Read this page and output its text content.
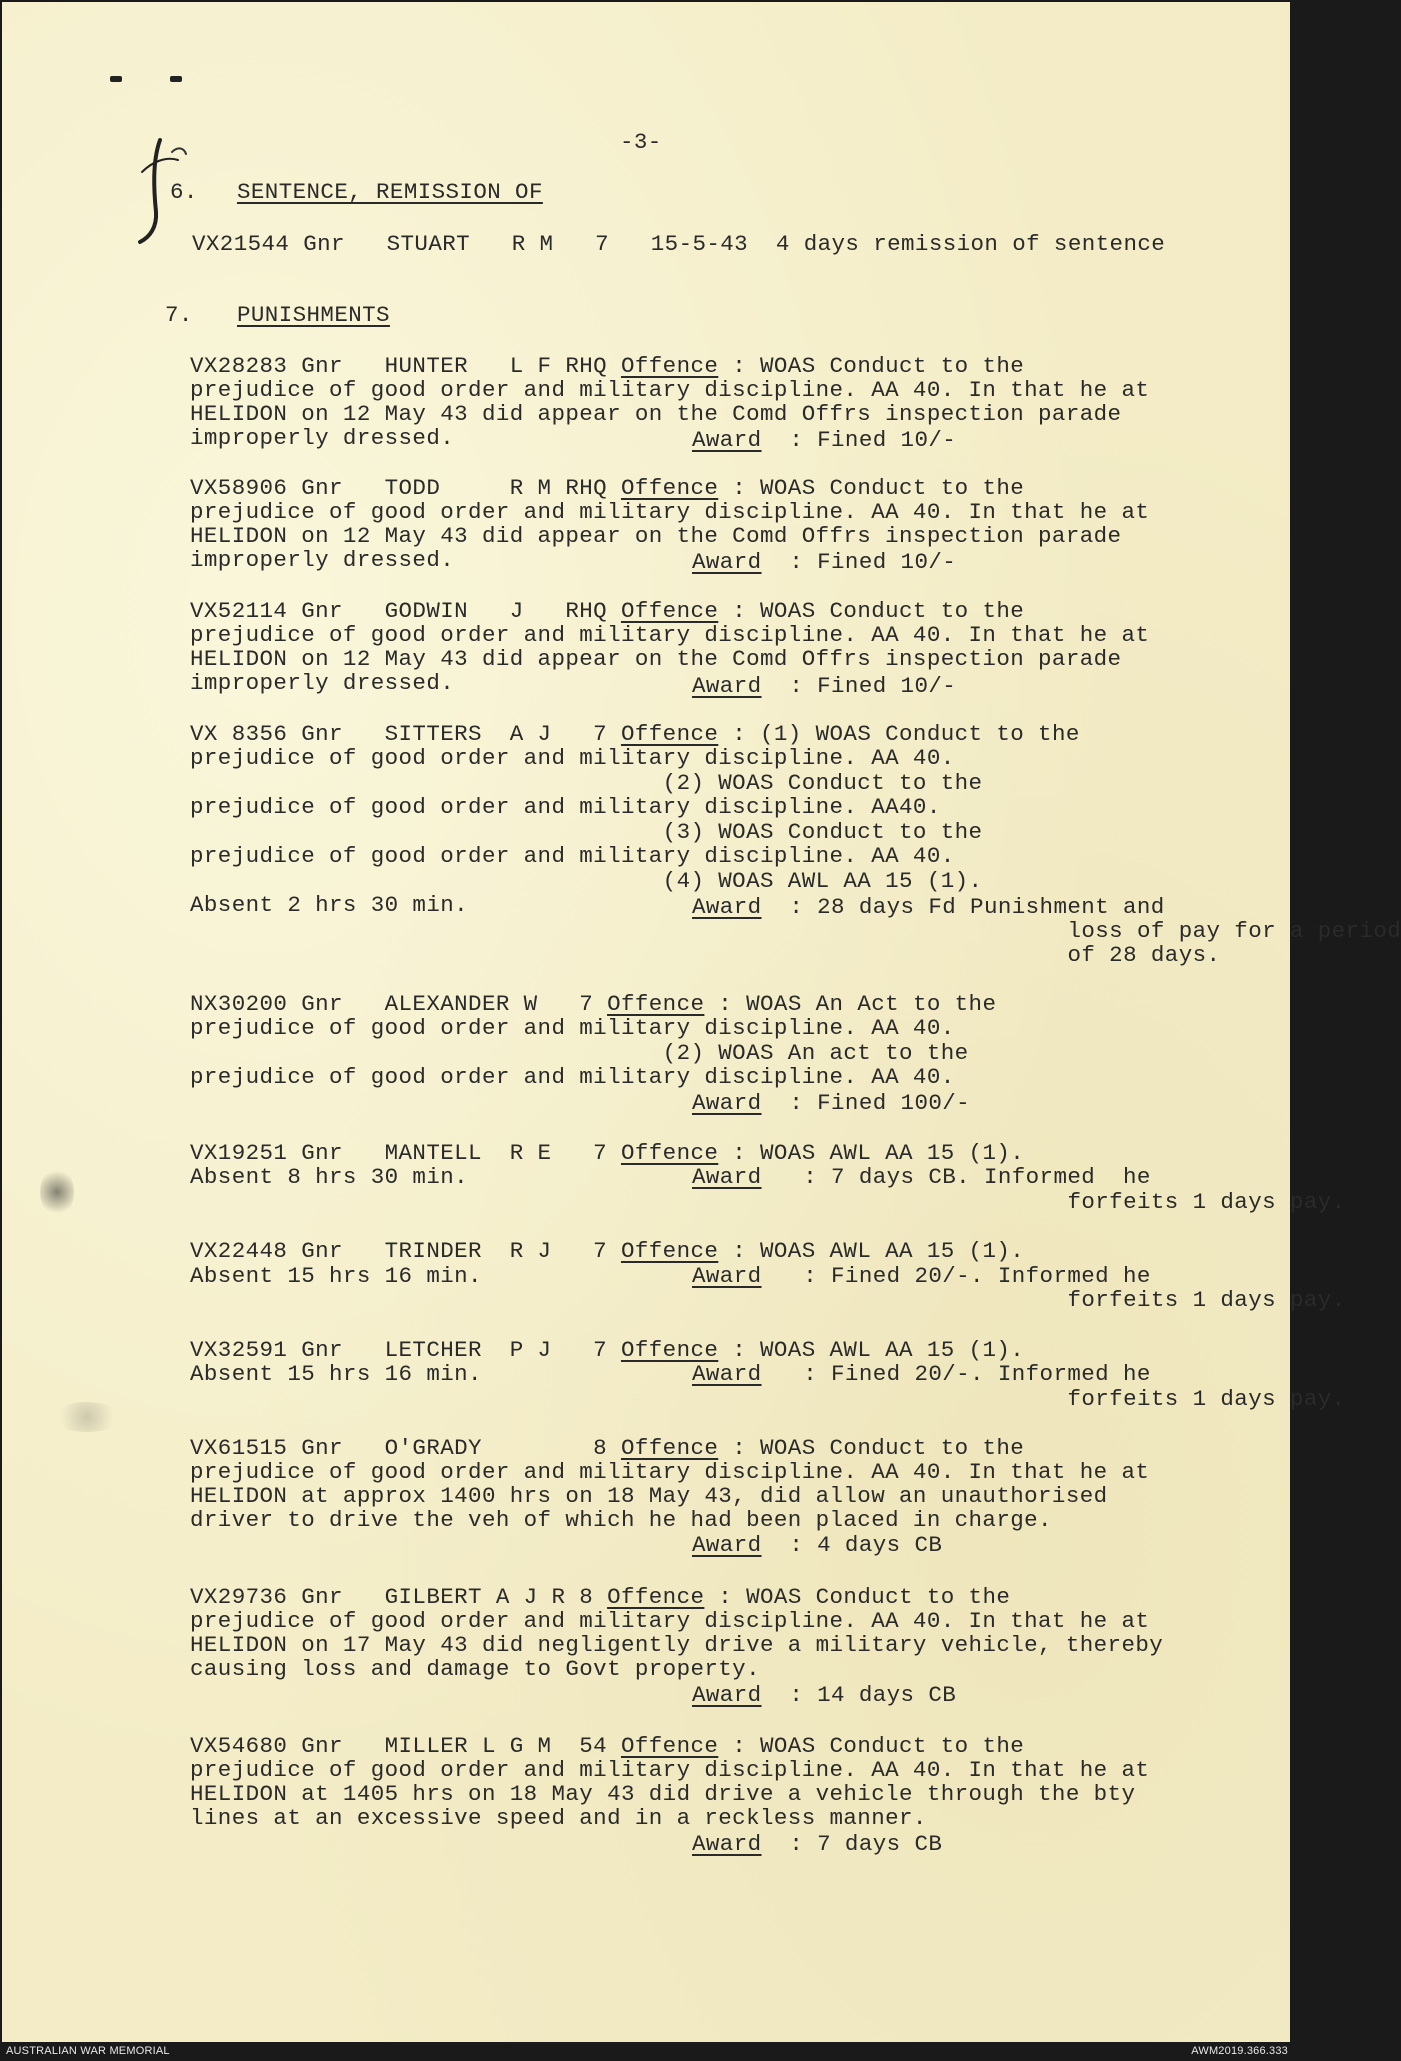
-3-
6. SENTENCE, REMISSION OF
VX21544 Gnr   STUART   R M   7   15-5-43  4 days remission of sentence
7. PUNISHMENTS
VX28283 Gnr   HUNTER   L F RHQ Offence : WOAS Conduct to the
prejudice of good order and military discipline. AA 40. In that he at
HELIDON on 12 May 43 did appear on the Comd Offrs inspection parade
improperly dressed.	Award  : Fined 10/-
VX58906 Gnr   TODD     R M RHQ Offence : WOAS Conduct to the
prejudice of good order and military discipline. AA 40. In that he at
HELIDON on 12 May 43 did appear on the Comd Offrs inspection parade
improperly dressed.	Award  : Fined 10/-
VX52114 Gnr   GODWIN   J   RHQ Offence : WOAS Conduct to the
prejudice of good order and military discipline. AA 40. In that he at
HELIDON on 12 May 43 did appear on the Comd Offrs inspection parade
improperly dressed.	Award  : Fined 10/-
VX 8356 Gnr   SITTERS  A J   7 Offence : (1) WOAS Conduct to the
prejudice of good order and military discipline. AA 40.
(2) WOAS Conduct to the
prejudice of good order and military discipline. AA40.
(3) WOAS Conduct to the
prejudice of good order and military discipline. AA 40.
(4) WOAS AWL AA 15 (1).
Absent 2 hrs 30 min.	Award  : 28 days Fd Punishment and
loss of pay for a period
of 28 days.
NX30200 Gnr   ALEXANDER W   7 Offence : WOAS An Act to the
prejudice of good order and military discipline. AA 40.
(2) WOAS An act to the
prejudice of good order and military discipline. AA 40.
Award  : Fined 100/-
VX19251 Gnr   MANTELL  R E   7 Offence : WOAS AWL AA 15 (1).
Absent 8 hrs 30 min.	Award   : 7 days CB. Informed  he
forfeits 1 days pay.
VX22448 Gnr   TRINDER  R J   7 Offence : WOAS AWL AA 15 (1).
Absent 15 hrs 16 min.	Award   : Fined 20/-. Informed he
forfeits 1 days pay.
VX32591 Gnr   LETCHER  P J   7 Offence : WOAS AWL AA 15 (1).
Absent 15 hrs 16 min.	Award   : Fined 20/-. Informed he
forfeits 1 days pay.
VX61515 Gnr   O'GRADY        8 Offence : WOAS Conduct to the
prejudice of good order and military discipline. AA 40. In that he at
HELIDON at approx 1400 hrs on 18 May 43, did allow an unauthorised
driver to drive the veh of which he had been placed in charge.
Award  : 4 days CB
VX29736 Gnr   GILBERT A J R 8 Offence : WOAS Conduct to the
prejudice of good order and military discipline. AA 40. In that he at
HELIDON on 17 May 43 did negligently drive a military vehicle, thereby
causing loss and damage to Govt property.
Award  : 14 days CB
VX54680 Gnr   MILLER L G M  54 Offence : WOAS Conduct to the
prejudice of good order and military discipline. AA 40. In that he at
HELIDON at 1405 hrs on 18 May 43 did drive a vehicle through the bty
lines at an excessive speed and in a reckless manner.
Award  : 7 days CB
AUSTRALIAN WAR MEMORIAL	AWM2019.366.333
